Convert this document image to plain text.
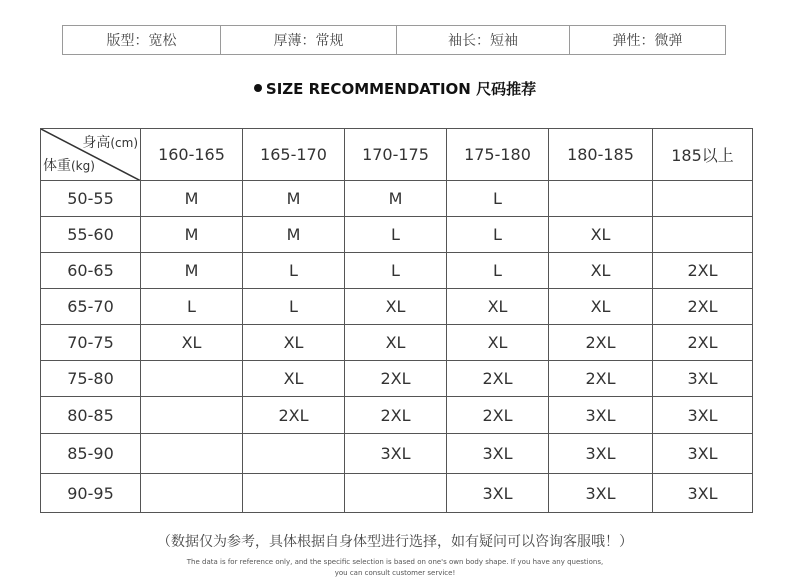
版型：宽松	厚薄：常规	袖长：短袖	弹性：微弹
SIZE RECOMMENDATION 尺码推荐
身高(cm)
体重(kg)	160-165	165-170	170-175	175-180	180-185	185以上
50-55	M	M	M	L		
55-60	M	M	L	L	XL	
60-65	M	L	L	L	XL	2XL
65-70	L	L	XL	XL	XL	2XL
70-75	XL	XL	XL	XL	2XL	2XL
75-80		XL	2XL	2XL	2XL	3XL
80-85		2XL	2XL	2XL	3XL	3XL
85-90			3XL	3XL	3XL	3XL
90-95				3XL	3XL	3XL
（数据仅为参考，具体根据自身体型进行选择，如有疑问可以咨询客服哦！）
The data is for reference only, and the specific selection is based on one's own body shape. If you have any questions,
you can consult customer service!
